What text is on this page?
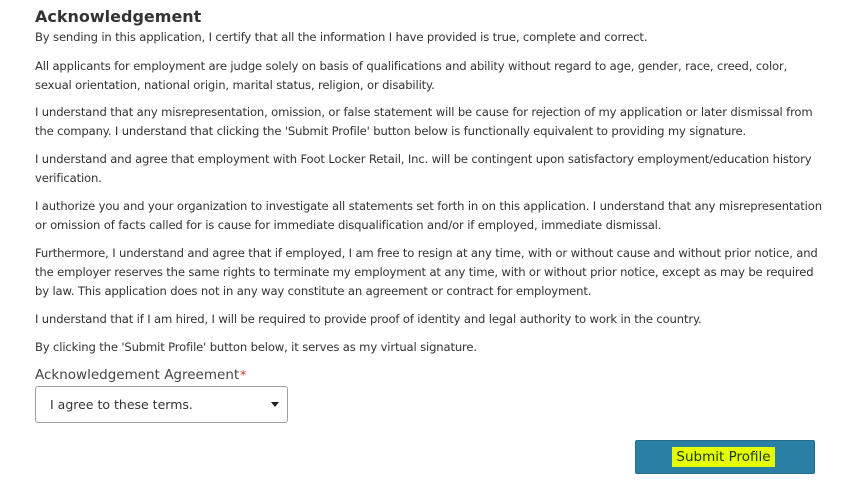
Acknowledgement

By sending in this application, I certify that all the information I have provided is true, complete and correct.

All applicants for employment are judge solely on basis of qualifications and ability without regard to age, gender, race, creed, color, sexual orientation, national origin, marital status, religion, or disability.

I understand that any misrepresentation, omission, or false statement will be cause for rejection of my application or later dismissal from the company. I understand that clicking the 'Submit Profile' button below is functionally equivalent to providing my signature.

I understand and agree that employment with Foot Locker Retail, Inc. will be contingent upon satisfactory employment/education history verification.

I authorize you and your organization to investigate all statements set forth in on this application. I understand that any misrepresentation or omission of facts called for is cause for immediate disqualification and/or if employed, immediate dismissal.

Furthermore, I understand and agree that if employed, I am free to resign at any time, with or without cause and without prior notice, and the employer reserves the same rights to terminate my employment at any time, with or without prior notice, except as may be required by law. This application does not in any way constitute an agreement or contract for employment.

I understand that if I am hired, I will be required to provide proof of identity and legal authority to work in the country.

By clicking the 'Submit Profile' button below, it serves as my virtual signature.

Acknowledgement Agreement*
I agree to these terms.
Submit Profile
